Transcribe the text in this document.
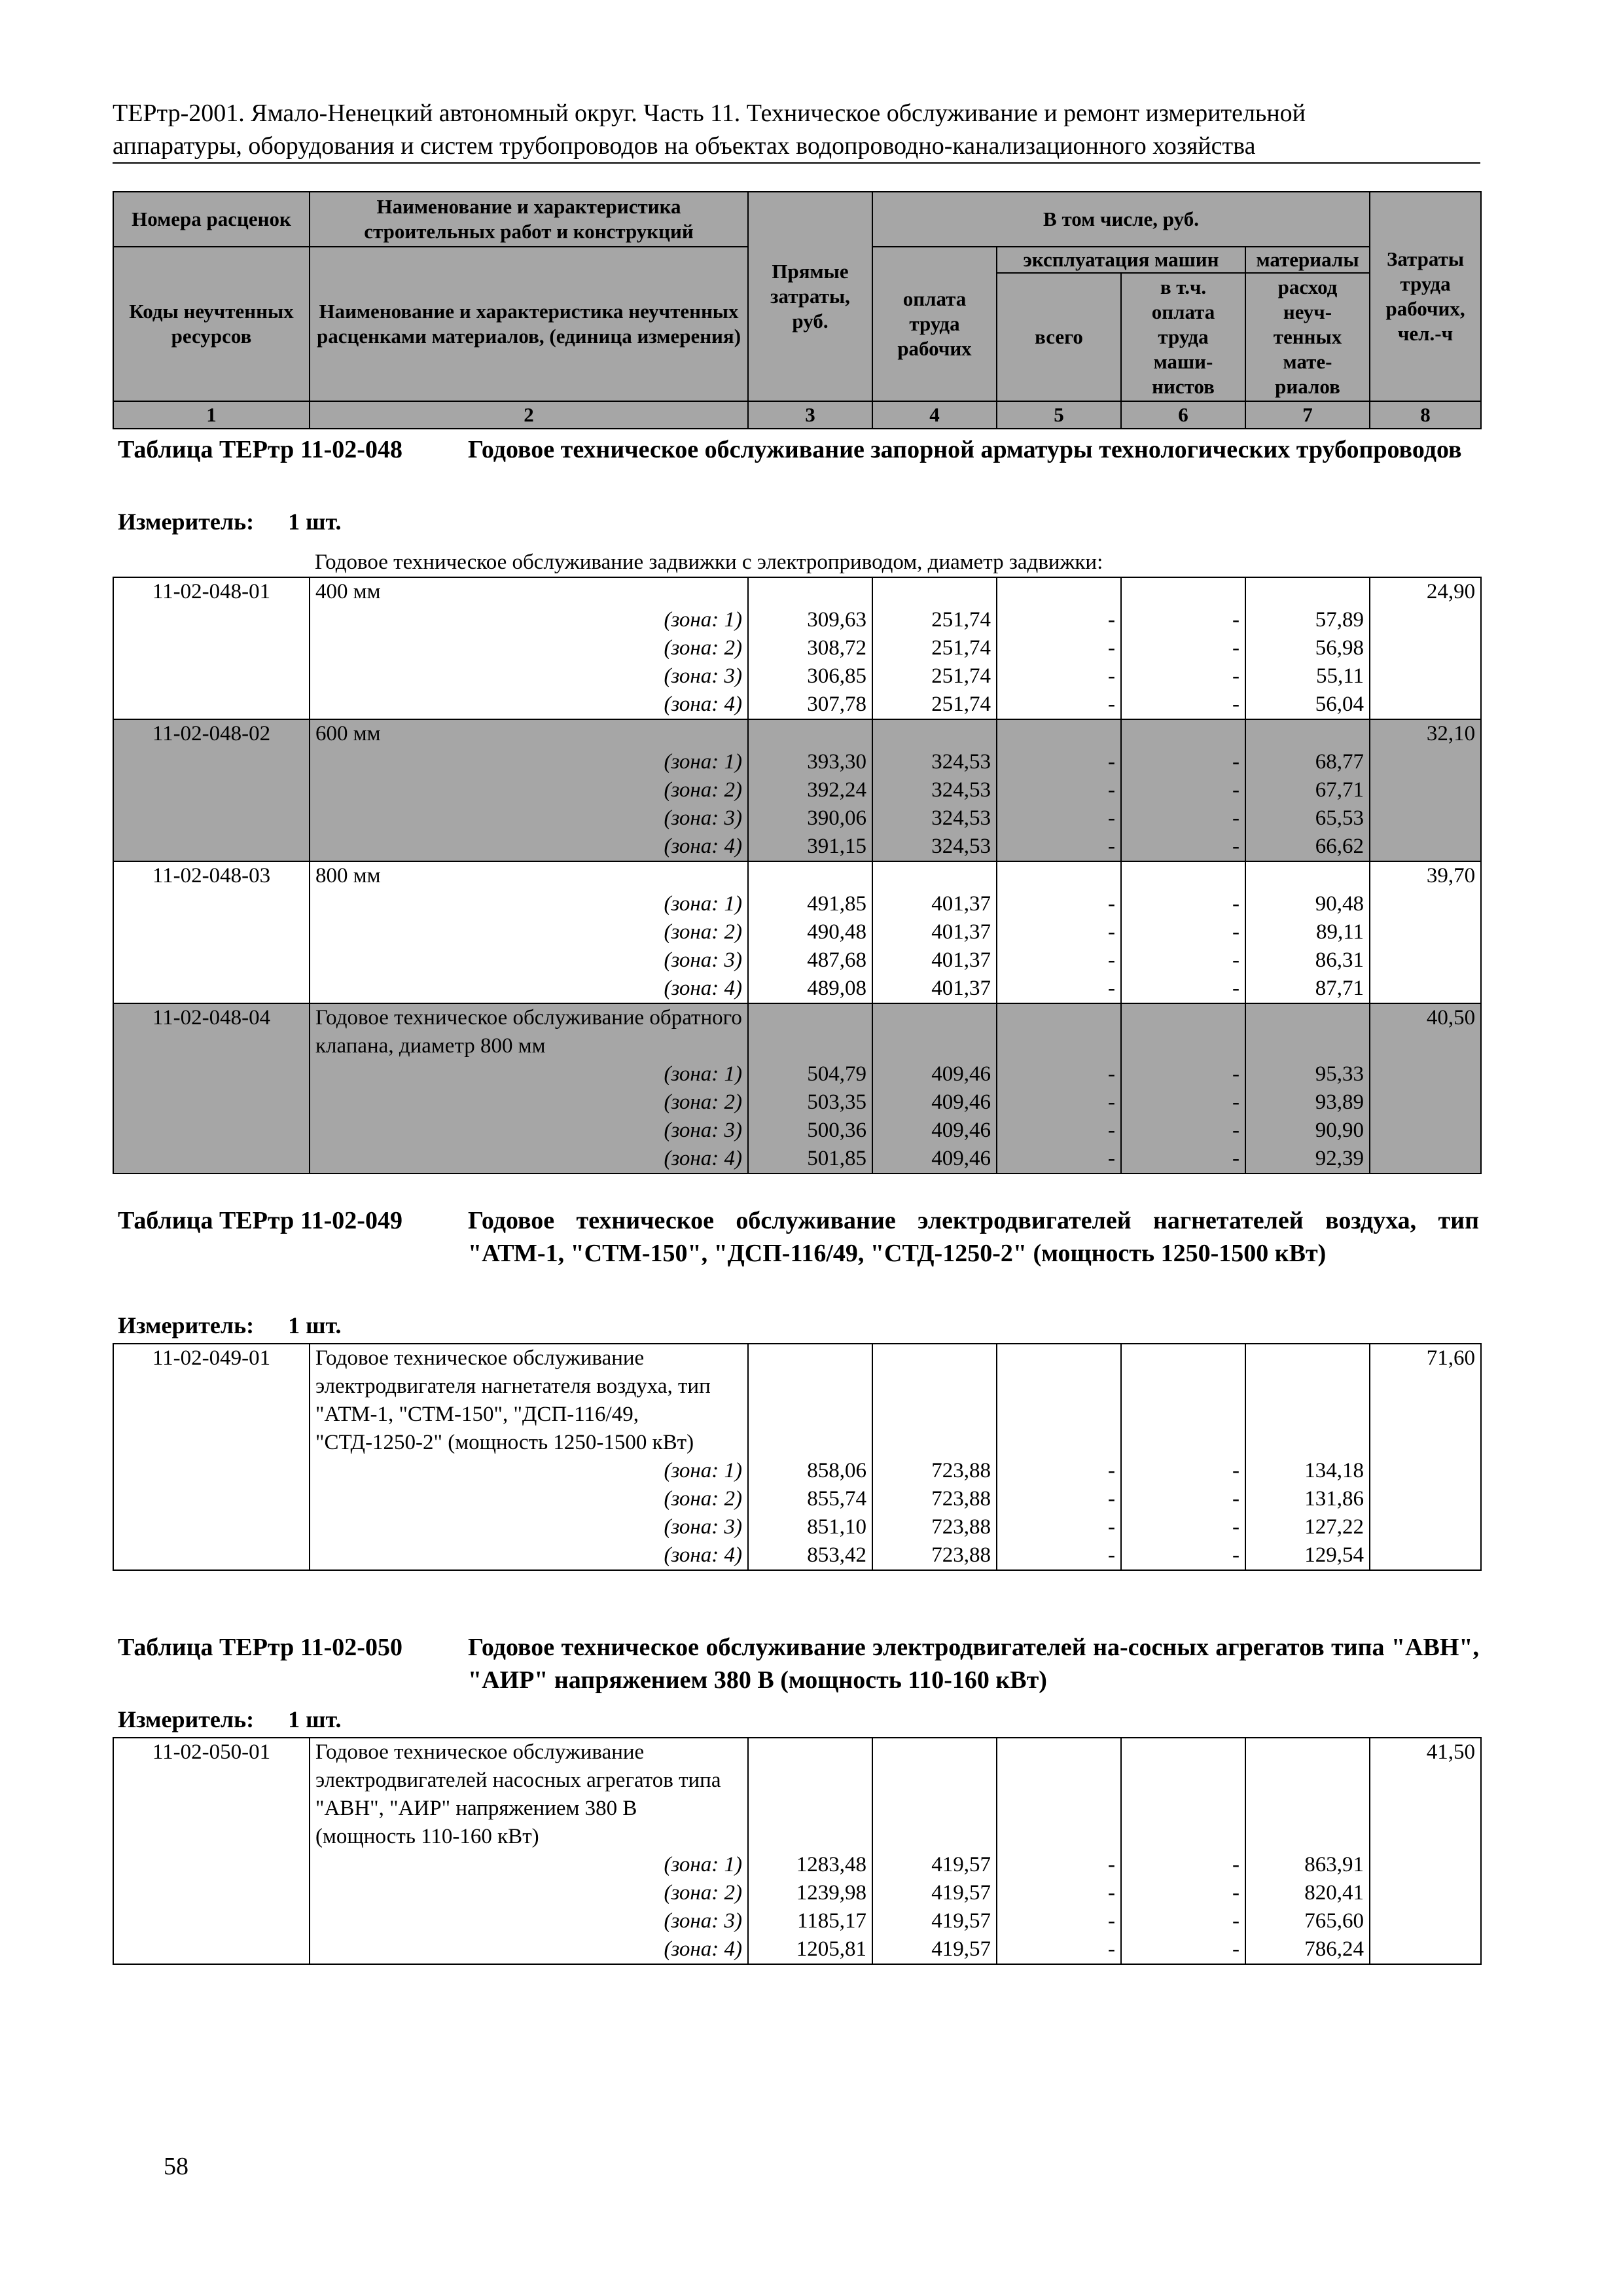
ТЕРтр-2001. Ямало-Ненецкий автономный округ. Часть 11. Техническое обслуживание и ремонт измерительной
аппаратуры, оборудования и систем трубопроводов на объектах водопроводно-канализационного хозяйства
Номера расценок	Наименование и характеристика строительных работ и конструкций	Прямые затраты, руб.	В том числе, руб.				Затраты труда рабочих, чел.-ч
Коды неучтенных ресурсов	Наименование и характеристика неучтенных расценками материалов, (единица измерения)		оплата труда рабочих	эксплуатация машин		материалы	
				всего	в т.ч. оплата труда маши-нистов	расход неуч-тенных мате-риалов	
1	2	3	4	5	6	7	8
Таблица ТЕРтр 11-02-048	Годовое техническое обслуживание запорной арматуры технологических трубопроводов
Измеритель: 1 шт.
	Годовое техническое обслуживание задвижки с электроприводом, диаметр задвижки:						
11-02-048-01	400 мм						24,90
	(зона: 1)	309,63	251,74	-	-	57,89	
	(зона: 2)	308,72	251,74	-	-	56,98	
	(зона: 3)	306,85	251,74	-	-	55,11	
	(зона: 4)	307,78	251,74	-	-	56,04	
11-02-048-02	600 мм						32,10
	(зона: 1)	393,30	324,53	-	-	68,77	
	(зона: 2)	392,24	324,53	-	-	67,71	
	(зона: 3)	390,06	324,53	-	-	65,53	
	(зона: 4)	391,15	324,53	-	-	66,62	
11-02-048-03	800 мм						39,70
	(зона: 1)	491,85	401,37	-	-	90,48	
	(зона: 2)	490,48	401,37	-	-	89,11	
	(зона: 3)	487,68	401,37	-	-	86,31	
	(зона: 4)	489,08	401,37	-	-	87,71	
11-02-048-04	Годовое техническое обслуживание обратного клапана, диаметр 800 мм						40,50
	(зона: 1)	504,79	409,46	-	-	95,33	
	(зона: 2)	503,35	409,46	-	-	93,89	
	(зона: 3)	500,36	409,46	-	-	90,90	
	(зона: 4)	501,85	409,46	-	-	92,39	
Таблица ТЕРтр 11-02-049	Годовое техническое обслуживание электродвигателей нагнетателей воздуха, тип "АТМ-1, "СТМ-150", "ДСП-116/49, "СТД-1250-2" (мощность 1250-1500 кВт)
Измеритель: 1 шт.
11-02-049-01	Годовое техническое обслуживание электродвигателя нагнетателя воздуха, тип "АТМ-1, "СТМ-150", "ДСП-116/49, "СТД-1250-2" (мощность 1250-1500 кВт)						71,60
	(зона: 1)	858,06	723,88	-	-	134,18	
	(зона: 2)	855,74	723,88	-	-	131,86	
	(зона: 3)	851,10	723,88	-	-	127,22	
	(зона: 4)	853,42	723,88	-	-	129,54	
Таблица ТЕРтр 11-02-050	Годовое техническое обслуживание электродвигателей на-сосных агрегатов типа "АВН", "АИР" напряжением 380 В (мощность 110-160 кВт)
Измеритель: 1 шт.
11-02-050-01	Годовое техническое обслуживание электродвигателей насосных агрегатов типа "АВН", "АИР" напряжением 380 В (мощность 110-160 кВт)						41,50
	(зона: 1)	1283,48	419,57	-	-	863,91	
	(зона: 2)	1239,98	419,57	-	-	820,41	
	(зона: 3)	1185,17	419,57	-	-	765,60	
	(зона: 4)	1205,81	419,57	-	-	786,24	
58
